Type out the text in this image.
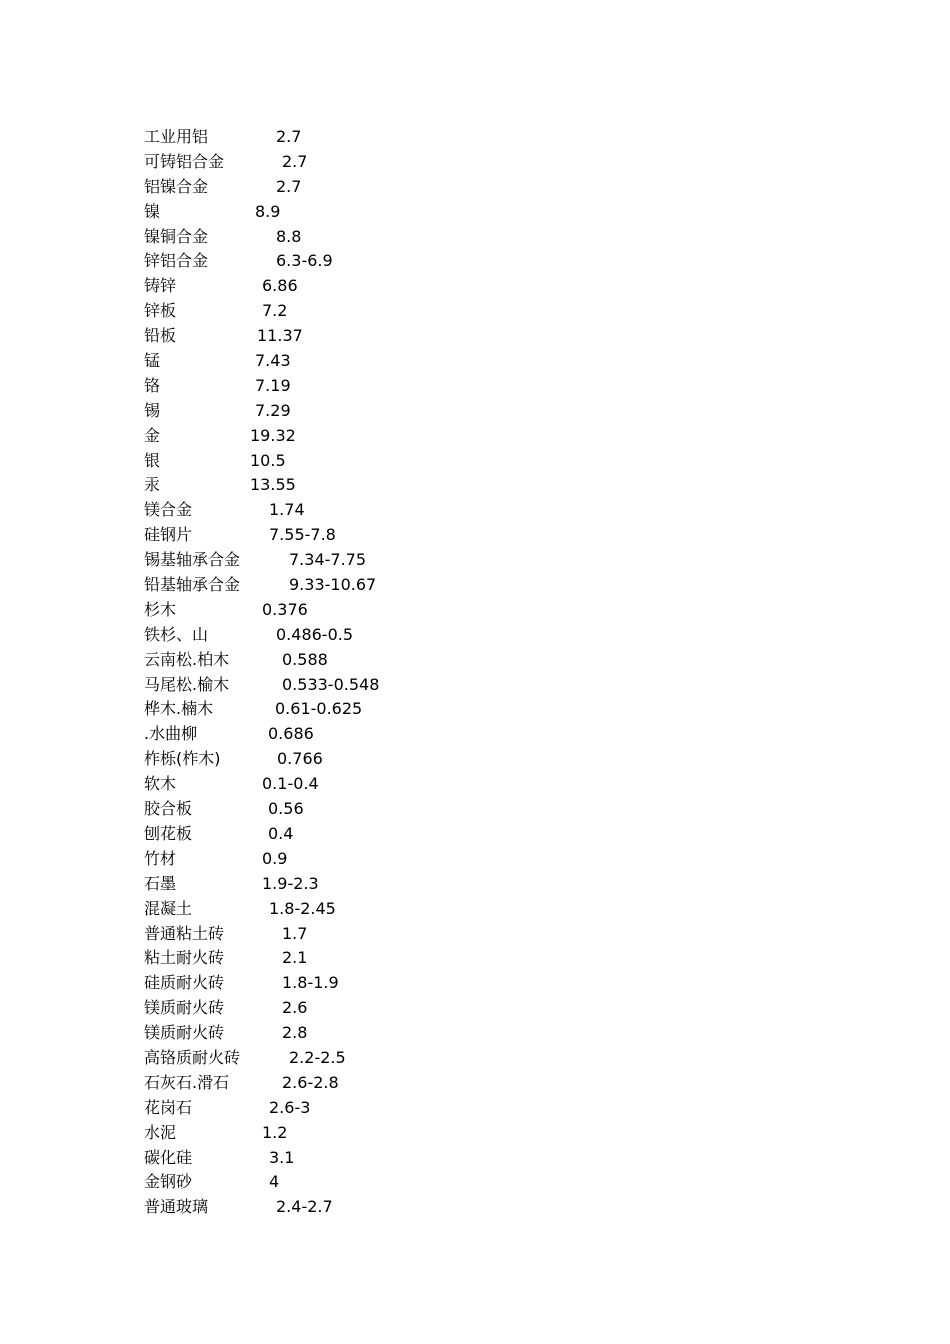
工业用铝	2.7
可铸铝合金	2.7
铝镍合金	2.7
镍	8.9
镍铜合金	8.8
锌铝合金	6.3-6.9
铸锌	6.86
锌板	7.2
铅板	11.37
锰	7.43
铬	7.19
锡	7.29
金	19.32
银	10.5
汞	13.55
镁合金	1.74
硅钢片	7.55-7.8
锡基轴承合金	7.34-7.75
铅基轴承合金	9.33-10.67
杉木	0.376
铁杉、山	0.486-0.5
云南松.柏木	0.588
马尾松.榆木	0.533-0.548
桦木.楠木	0.61-0.625
.水曲柳	0.686
柞栎(柞木)	0.766
软木	0.1-0.4
胶合板	0.56
刨花板	0.4
竹材	0.9
石墨	1.9-2.3
混凝土	1.8-2.45
普通粘土砖	1.7
粘土耐火砖	2.1
硅质耐火砖	1.8-1.9
镁质耐火砖	2.6
镁质耐火砖	2.8
高铬质耐火砖	2.2-2.5
石灰石.滑石	2.6-2.8
花岗石	2.6-3
水泥	1.2
碳化硅	3.1
金钢砂	4
普通玻璃	2.4-2.7
